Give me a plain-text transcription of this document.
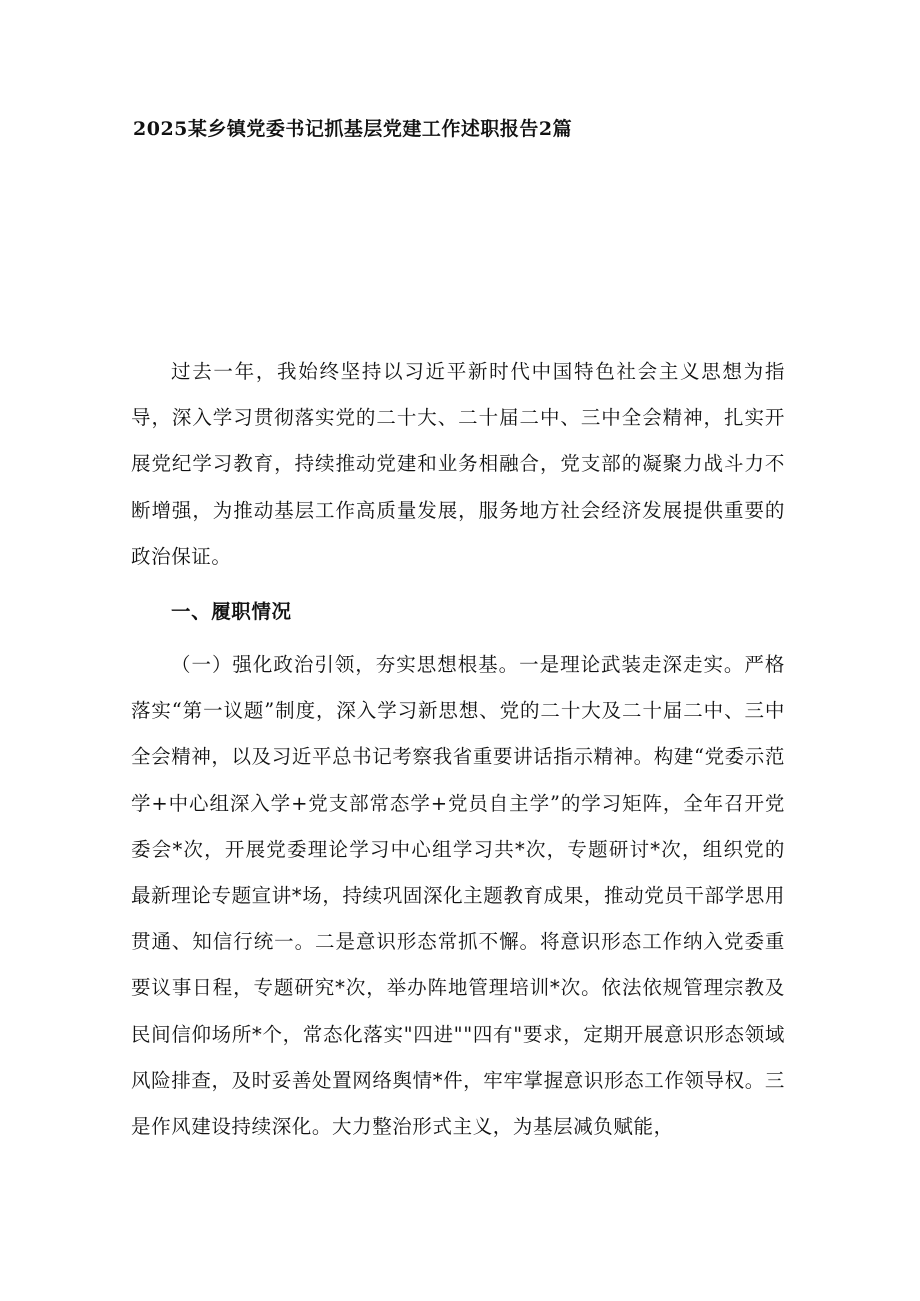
2025某乡镇党委书记抓基层党建工作述职报告2篇

过去一年，我始终坚持以习近平新时代中国特色社会主义思想为指导，深入学习贯彻落实党的二十大、二十届二中、三中全会精神，扎实开展党纪学习教育，持续推动党建和业务相融合，党支部的凝聚力战斗力不断增强，为推动基层工作高质量发展，服务地方社会经济发展提供重要的政治保证。

一、履职情况

（一）强化政治引领，夯实思想根基。一是理论武装走深走实。严格落实“第一议题”制度，深入学习新思想、党的二十大及二十届二中、三中全会精神，以及习近平总书记考察我省重要讲话指示精神。构建“党委示范学+中心组深入学+党支部常态学+党员自主学”的学习矩阵，全年召开党委会*次，开展党委理论学习中心组学习共*次，专题研讨*次，组织党的最新理论专题宣讲*场，持续巩固深化主题教育成果，推动党员干部学思用贯通、知信行统一。二是意识形态常抓不懈。将意识形态工作纳入党委重要议事日程，专题研究*次，举办阵地管理培训*次。依法依规管理宗教及民间信仰场所*个，常态化落实"四进""四有"要求，定期开展意识形态领域风险排查，及时妥善处置网络舆情*件，牢牢掌握意识形态工作领导权。三是作风建设持续深化。大力整治形式主义，为基层减负赋能，
